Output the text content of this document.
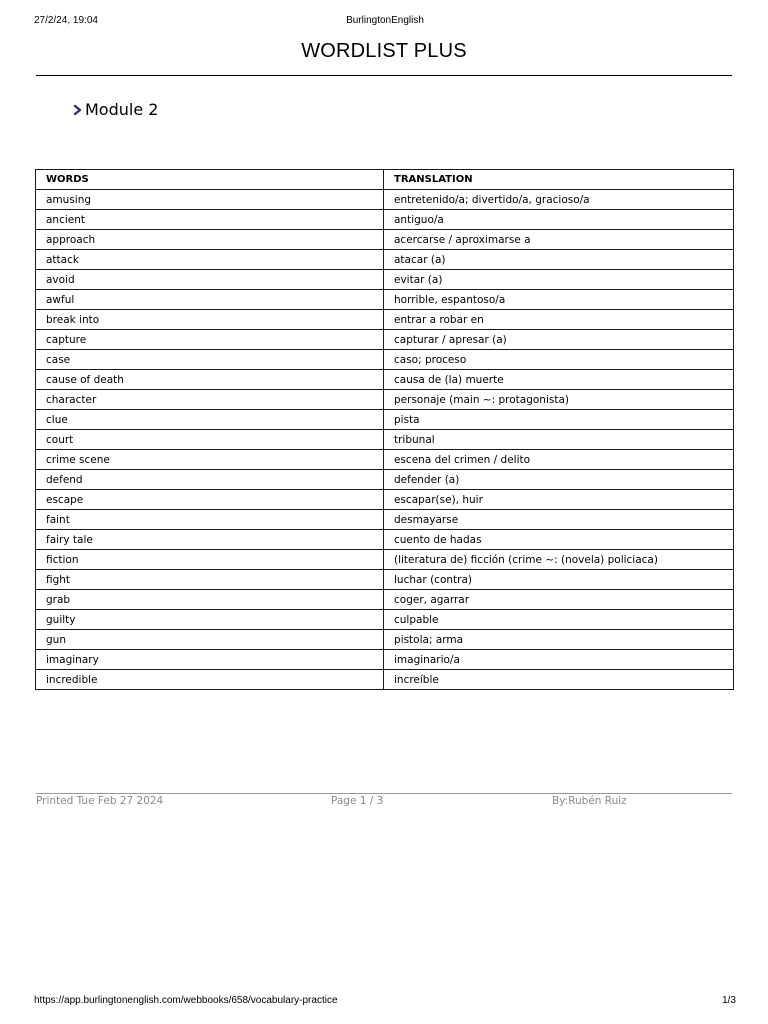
27/2/24, 19:04	BurlingtonEnglish
WORDLIST PLUS
Module 2
WORDS	TRANSLATION
amusing	entretenido/a; divertido/a, gracioso/a
ancient	antiguo/a
approach	acercarse / aproximarse a
attack	atacar (a)
avoid	evitar (a)
awful	horrible, espantoso/a
break into	entrar a robar en
capture	capturar / apresar (a)
case	caso; proceso
cause of death	causa de (la) muerte
character	personaje (main ~: protagonista)
clue	pista
court	tribunal
crime scene	escena del crimen / delito
defend	defender (a)
escape	escapar(se), huir
faint	desmayarse
fairy tale	cuento de hadas
fiction	(literatura de) ficción (crime ~: (novela) policiaca)
fight	luchar (contra)
grab	coger, agarrar
guilty	culpable
gun	pistola; arma
imaginary	imaginario/a
incredible	increíble
Printed Tue Feb 27 2024	Page 1 / 3	By:Rubén Ruiz
https://app.burlingtonenglish.com/webbooks/658/vocabulary-practice	1/3
